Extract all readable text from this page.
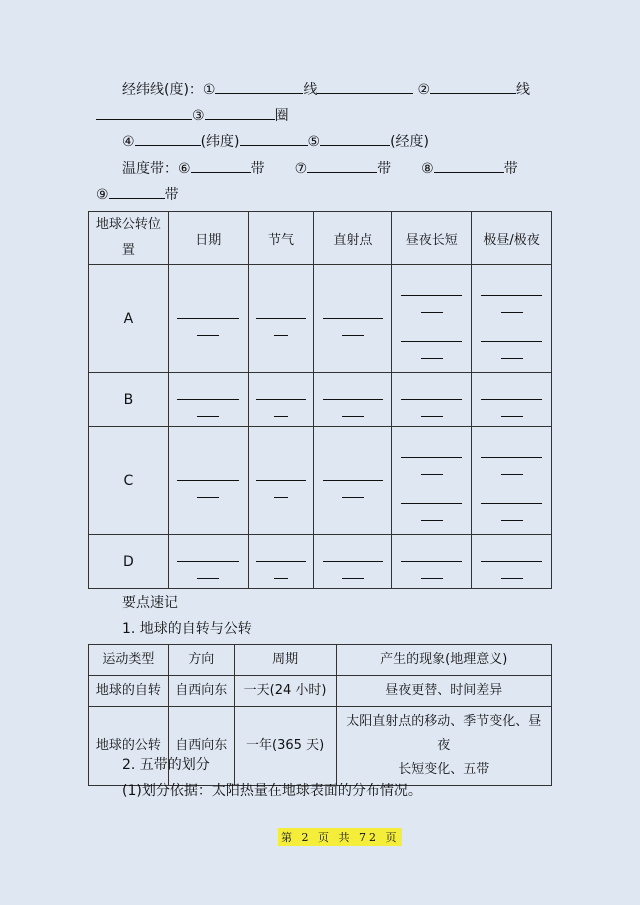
经纬线(度)：①	线	②	线
③	圈
④	(纬度)	⑤	(经度)
温度带：⑥	带 ⑦	带 ⑧	带
⑨	带
地球公转位
置	日期	节气	直射点	昼夜长短	极昼/极夜
A	

B	

C	

D	

要点速记
1. 地球的自转与公转
运动类型	方向	周期	产生的现象(地理意义)
地球的自转	自西向东	一天(24 小时)	昼夜更替、时间差异
地球的公转	自西向东	一年(365 天)	太阳直射点的移动、季节变化、昼夜
长短变化、五带
2. 五带的划分
(1)划分依据：太阳热量在地球表面的分布情况。
第 2 页 共 72 页
